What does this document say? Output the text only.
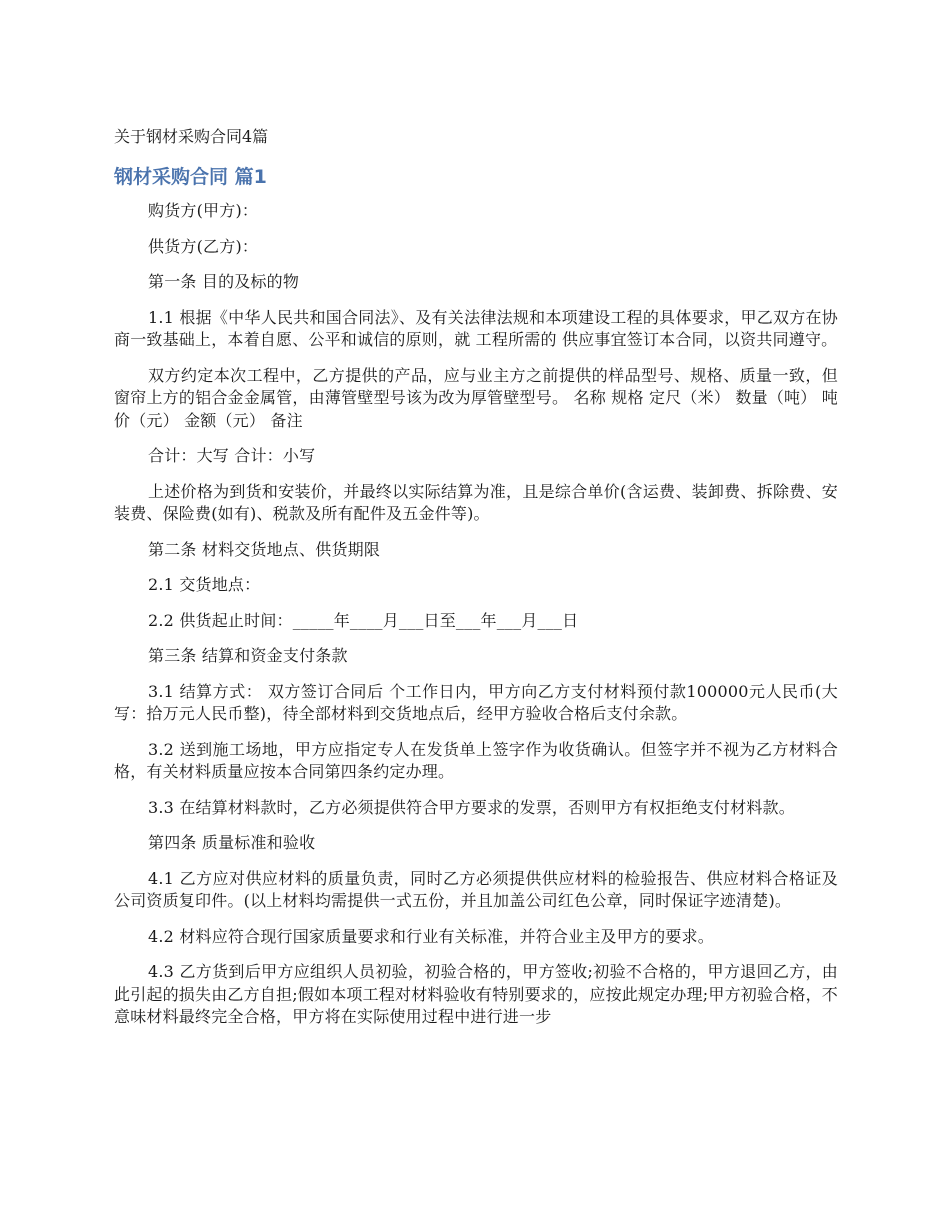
关于钢材采购合同4篇
钢材采购合同 篇1

购货方(甲方)：

供货方(乙方)：

第一条 目的及标的物

1.1 根据《中华人民共和国合同法》、及有关法律法规和本项建设工程的具体要求，甲乙双方在协商一致基础上，本着自愿、公平和诚信的原则，就 工程所需的 供应事宜签订本合同，以资共同遵守。

双方约定本次工程中，乙方提供的产品，应与业主方之前提供的样品型号、规格、质量一致，但窗帘上方的铝合金金属管，由薄管壁型号该为改为厚管壁型号。 名称 规格 定尺（米） 数量（吨） 吨价（元） 金额（元） 备注

合计：大写 合计：小写

上述价格为到货和安装价，并最终以实际结算为准，且是综合单价(含运费、装卸费、拆除费、安装费、保险费(如有)、税款及所有配件及五金件等)。

第二条 材料交货地点、供货期限

2.1 交货地点：

2.2 供货起止时间：_____年____月___日至___年___月___日

第三条 结算和资金支付条款

3.1 结算方式： 双方签订合同后 个工作日内，甲方向乙方支付材料预付款100000元人民币(大写：拾万元人民币整)，待全部材料到交货地点后，经甲方验收合格后支付余款。

3.2 送到施工场地，甲方应指定专人在发货单上签字作为收货确认。但签字并不视为乙方材料合格，有关材料质量应按本合同第四条约定办理。

3.3 在结算材料款时，乙方必须提供符合甲方要求的发票，否则甲方有权拒绝支付材料款。

第四条 质量标准和验收

4.1 乙方应对供应材料的质量负责，同时乙方必须提供供应材料的检验报告、供应材料合格证及公司资质复印件。(以上材料均需提供一式五份，并且加盖公司红色公章，同时保证字迹清楚)。

4.2 材料应符合现行国家质量要求和行业有关标准，并符合业主及甲方的要求。

4.3 乙方货到后甲方应组织人员初验，初验合格的，甲方签收;初验不合格的，甲方退回乙方，由此引起的损失由乙方自担;假如本项工程对材料验收有特别要求的，应按此规定办理;甲方初验合格，不意味材料最终完全合格，甲方将在实际使用过程中进行进一步
